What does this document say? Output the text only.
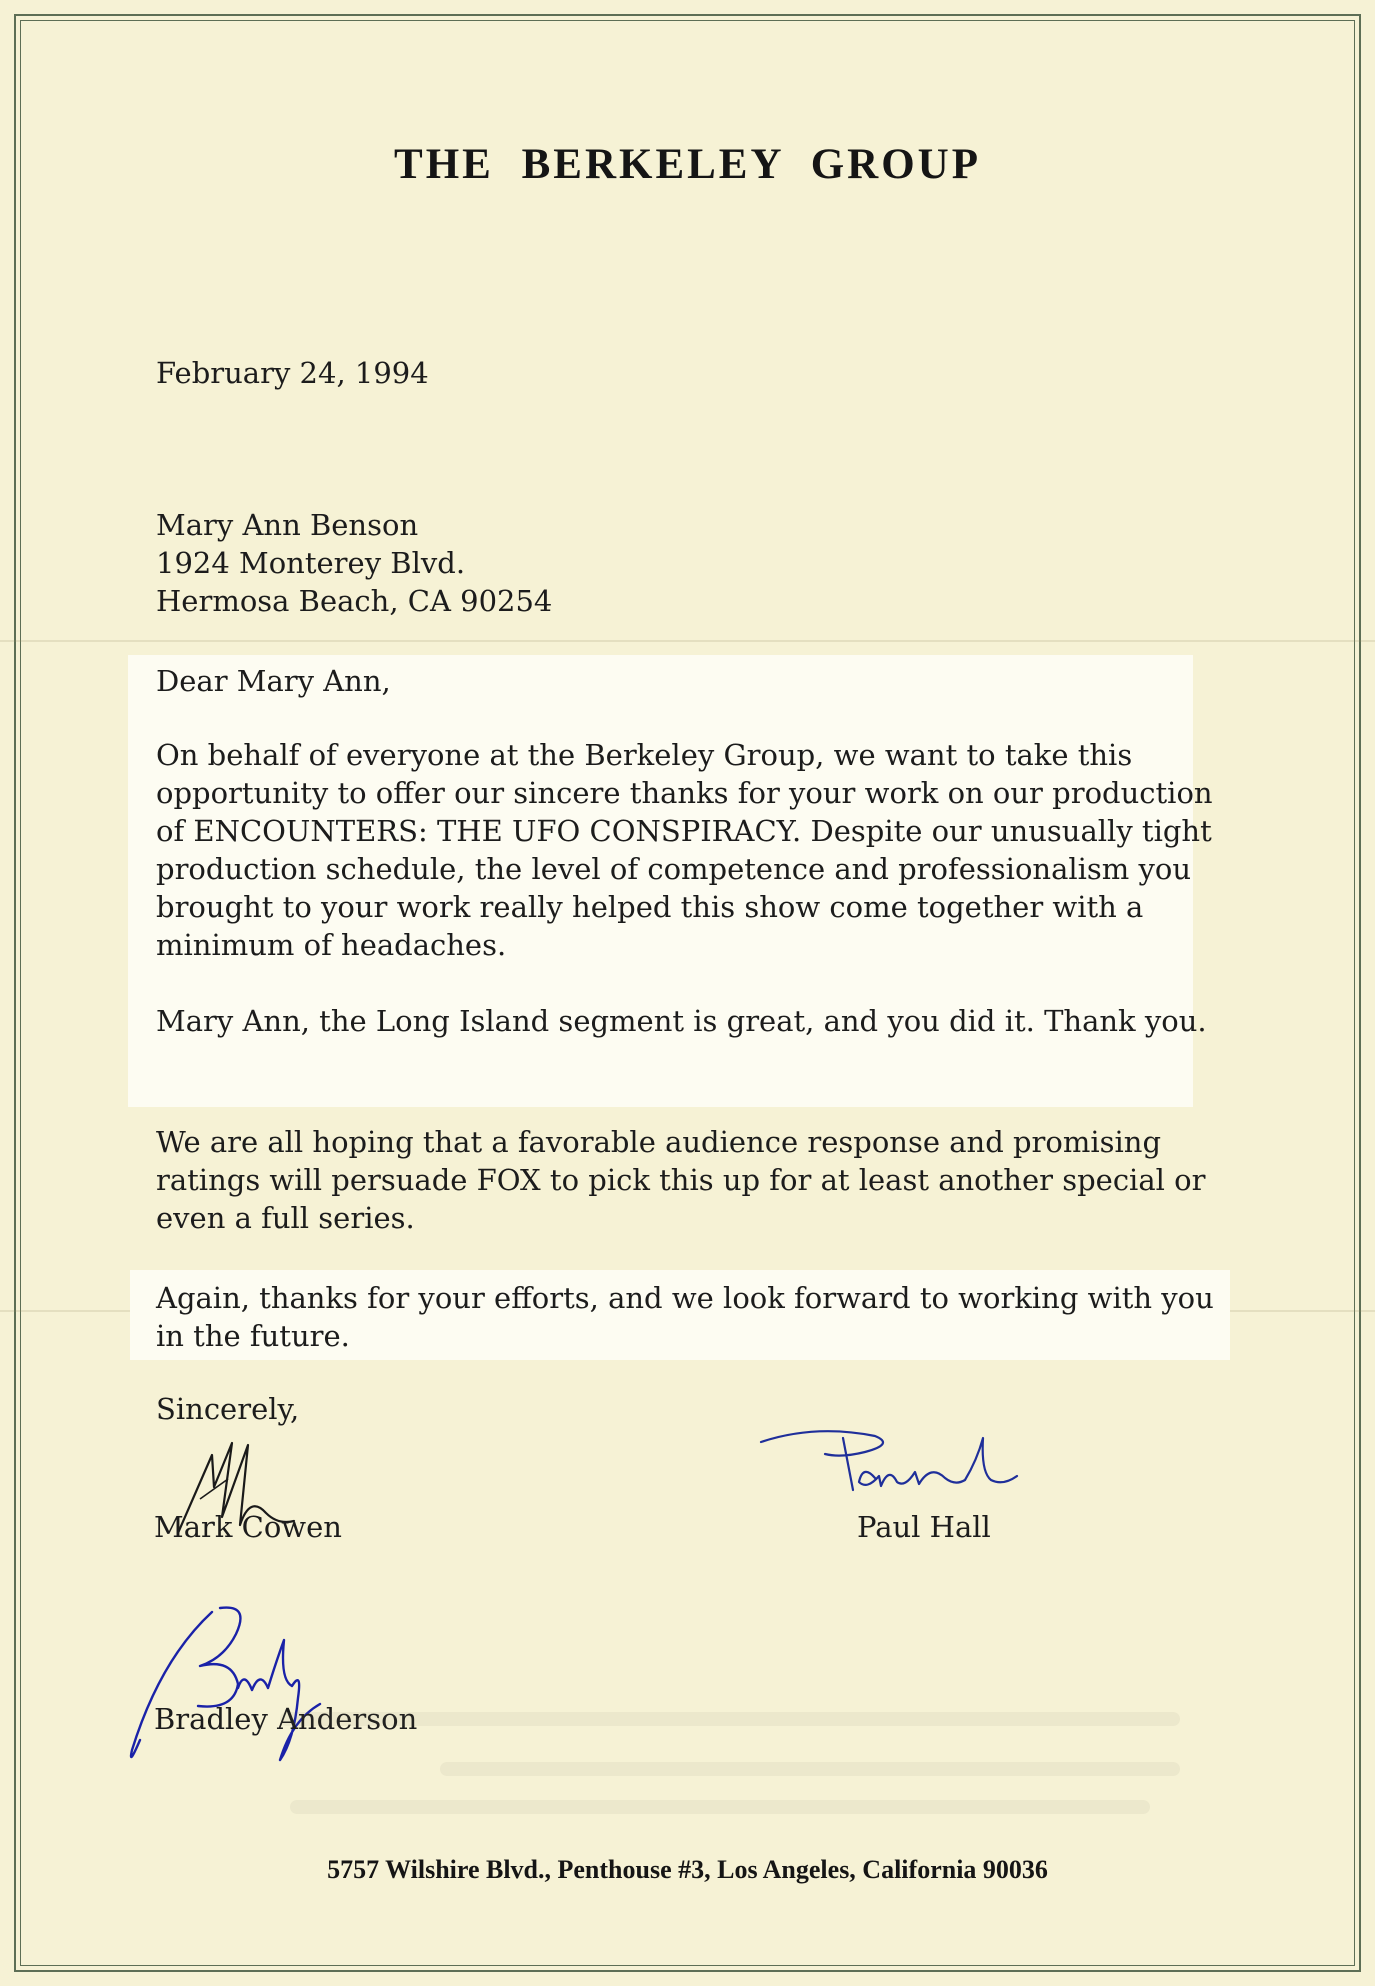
THE BERKELEY GROUP
February 24, 1994
Mary Ann Benson
1924 Monterey Blvd.
Hermosa Beach, CA 90254
Dear Mary Ann,
On behalf of everyone at the Berkeley Group, we want to take this opportunity to offer our sincere thanks for your work on our production of ENCOUNTERS: THE UFO CONSPIRACY. Despite our unusually tight production schedule, the level of competence and professionalism you brought to your work really helped this show come together with a minimum of headaches.
Mary Ann, the Long Island segment is great, and you did it. Thank you.
We are all hoping that a favorable audience response and promising ratings will persuade FOX to pick this up for at least another special or even a full series.
Again, thanks for your efforts, and we look forward to working with you in the future.
Sincerely,
Mark Cowen	Paul Hall
Bradley Anderson
5757 Wilshire Blvd., Penthouse #3, Los Angeles, California 90036
